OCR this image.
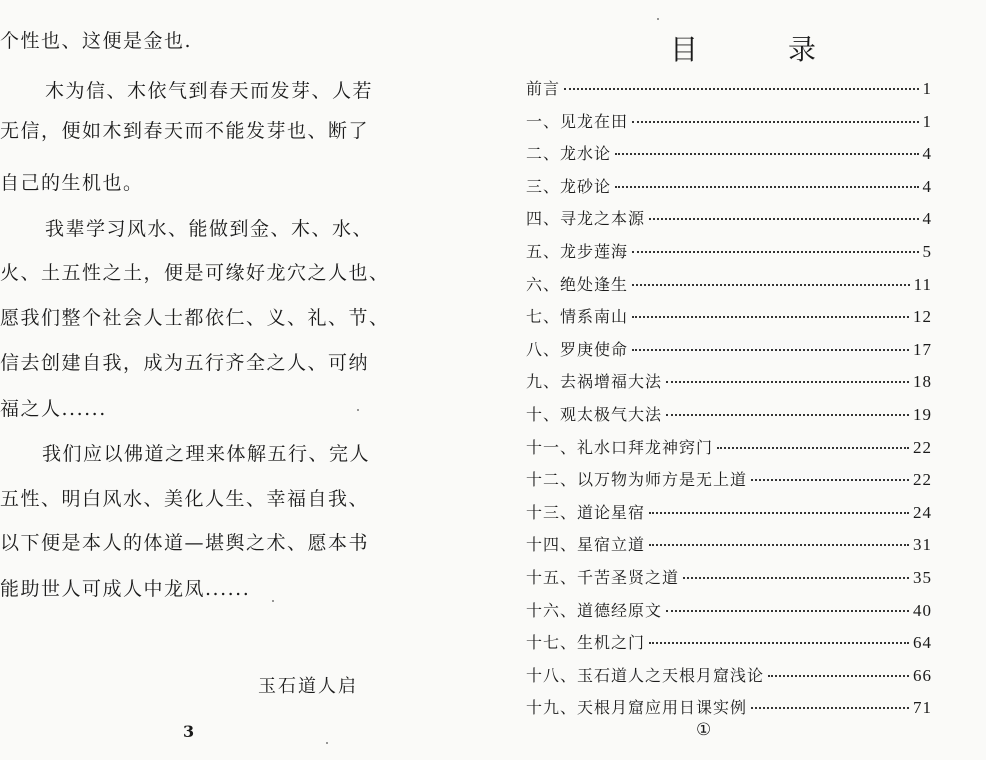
个性也、这便是金也.
木为信、木依气到春天而发芽、人若
无信，便如木到春天而不能发芽也、断了
自己的生机也。
我辈学习风水、能做到金、木、水、
火、土五性之土，便是可缘好龙穴之人也、
愿我们整个社会人士都依仁、义、礼、节、
信去创建自我，成为五行齐全之人、可纳
福之人......
我们应以佛道之理来体解五行、完人
五性、明白风水、美化人生、幸福自我、
以下便是本人的体道—堪舆之术、愿本书
能助世人可成人中龙凤......
玉石道人启
3
目	录
前言	1
一、见龙在田	1
二、龙水论	4
三、龙砂论	4
四、寻龙之本源	4
五、龙步莲海	5
六、绝处逢生	11
七、情系南山	12
八、罗庚使命	17
九、去祸增福大法	18
十、观太极气大法	19
十一、礼水口拜龙神窍门	22
十二、以万物为师方是无上道	22
十三、道论星宿	24
十四、星宿立道	31
十五、千苦圣贤之道	35
十六、道德经原文	40
十七、生机之门	64
十八、玉石道人之天根月窟浅论	66
十九、天根月窟应用日课实例	71
①
